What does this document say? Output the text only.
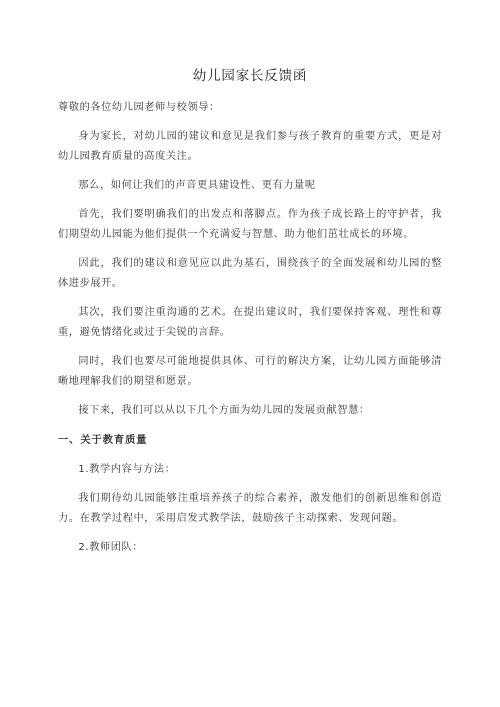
幼儿园家长反馈函
尊敬的各位幼儿园老师与校领导：

身为家长，对幼儿园的建议和意见是我们参与孩子教育的重要方式，更是对幼儿园教育质量的高度关注。

那么，如何让我们的声音更具建设性、更有力量呢

首先，我们要明确我们的出发点和落脚点。作为孩子成长路上的守护者，我们期望幼儿园能为他们提供一个充满爱与智慧、助力他们茁壮成长的环境。

因此，我们的建议和意见应以此为基石，围绕孩子的全面发展和幼儿园的整体进步展开。

其次，我们要注重沟通的艺术。在提出建议时，我们要保持客观、理性和尊重，避免情绪化或过于尖锐的言辞。

同时，我们也要尽可能地提供具体、可行的解决方案，让幼儿园方面能够清晰地理解我们的期望和愿景。

接下来，我们可以从以下几个方面为幼儿园的发展贡献智慧：

一、关于教育质量
1.教学内容与方法：

我们期待幼儿园能够注重培养孩子的综合素养，激发他们的创新思维和创造力。在教学过程中，采用启发式教学法，鼓励孩子主动探索、发现问题。

2.教师团队：
